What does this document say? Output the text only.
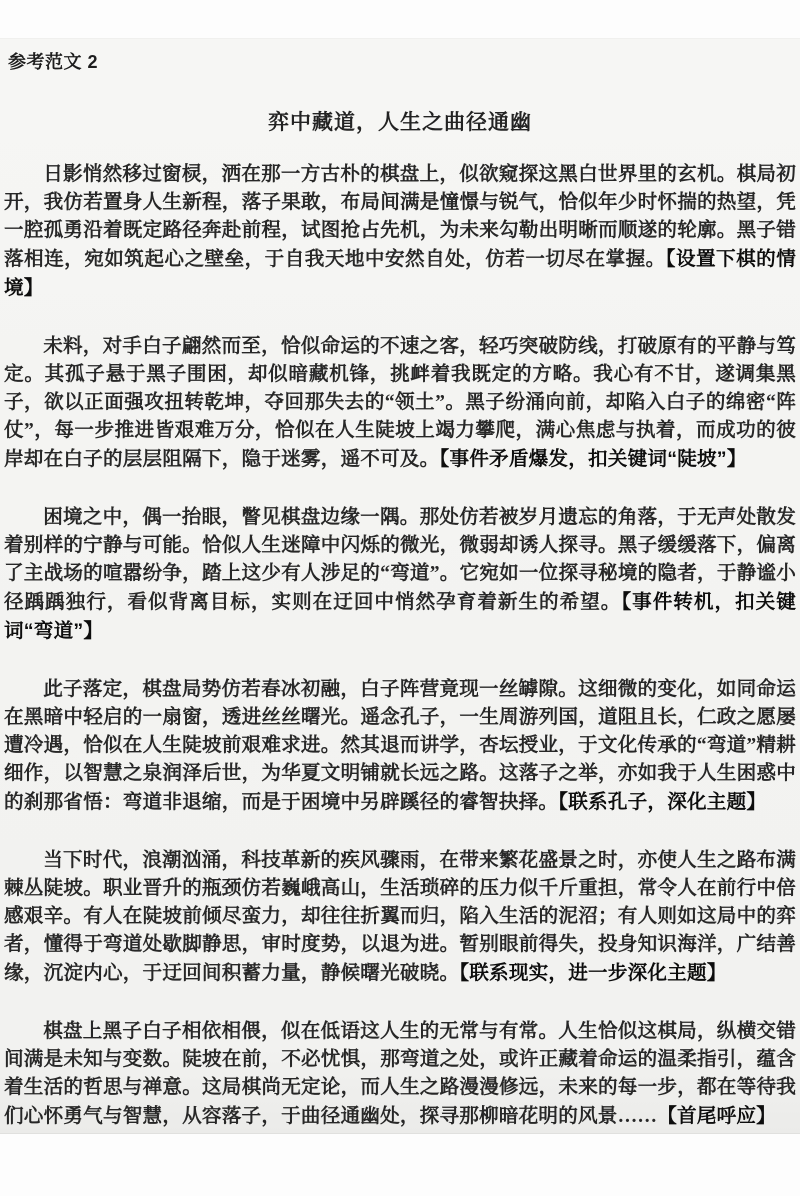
参考范文 2
弈中藏道，人生之曲径通幽

日影悄然移过窗棂，洒在那一方古朴的棋盘上，似欲窥探这黑白世界里的玄机。棋局初开，我仿若置身人生新程，落子果敢，布局间满是憧憬与锐气，恰似年少时怀揣的热望，凭一腔孤勇沿着既定路径奔赴前程，试图抢占先机，为未来勾勒出明晰而顺遂的轮廓。黑子错落相连，宛如筑起心之壁垒，于自我天地中安然自处，仿若一切尽在掌握。【设置下棋的情境】

未料，对手白子翩然而至，恰似命运的不速之客，轻巧突破防线，打破原有的平静与笃定。其孤子悬于黑子围困，却似暗藏机锋，挑衅着我既定的方略。我心有不甘，遂调集黑子，欲以正面强攻扭转乾坤，夺回那失去的“领土”。黑子纷涌向前，却陷入白子的绵密“阵仗”，每一步推进皆艰难万分，恰似在人生陡坡上竭力攀爬，满心焦虑与执着，而成功的彼岸却在白子的层层阻隔下，隐于迷雾，遥不可及。【事件矛盾爆发，扣关键词“陡坡”】

困境之中，偶一抬眼，瞥见棋盘边缘一隅。那处仿若被岁月遗忘的角落，于无声处散发着别样的宁静与可能。恰似人生迷障中闪烁的微光，微弱却诱人探寻。黑子缓缓落下，偏离了主战场的喧嚣纷争，踏上这少有人涉足的“弯道”。它宛如一位探寻秘境的隐者，于静谧小径踽踽独行，看似背离目标，实则在迂回中悄然孕育着新生的希望。【事件转机，扣关键词“弯道”】

此子落定，棋盘局势仿若春冰初融，白子阵营竟现一丝罅隙。这细微的变化，如同命运在黑暗中轻启的一扇窗，透进丝丝曙光。遥念孔子，一生周游列国，道阻且长，仁政之愿屡遭冷遇，恰似在人生陡坡前艰难求进。然其退而讲学，杏坛授业，于文化传承的“弯道”精耕细作，以智慧之泉润泽后世，为华夏文明铺就长远之路。这落子之举，亦如我于人生困惑中的刹那省悟：弯道非退缩，而是于困境中另辟蹊径的睿智抉择。【联系孔子，深化主题】

当下时代，浪潮汹涌，科技革新的疾风骤雨，在带来繁花盛景之时，亦使人生之路布满棘丛陡坡。职业晋升的瓶颈仿若巍峨高山，生活琐碎的压力似千斤重担，常令人在前行中倍感艰辛。有人在陡坡前倾尽蛮力，却往往折翼而归，陷入生活的泥沼；有人则如这局中的弈者，懂得于弯道处歇脚静思，审时度势，以退为进。暂别眼前得失，投身知识海洋，广结善缘，沉淀内心，于迂回间积蓄力量，静候曙光破晓。【联系现实，进一步深化主题】

棋盘上黑子白子相依相偎，似在低语这人生的无常与有常。人生恰似这棋局，纵横交错间满是未知与变数。陡坡在前，不必忧惧，那弯道之处，或许正藏着命运的温柔指引，蕴含着生活的哲思与禅意。这局棋尚无定论，而人生之路漫漫修远，未来的每一步，都在等待我们心怀勇气与智慧，从容落子，于曲径通幽处，探寻那柳暗花明的风景……【首尾呼应】
